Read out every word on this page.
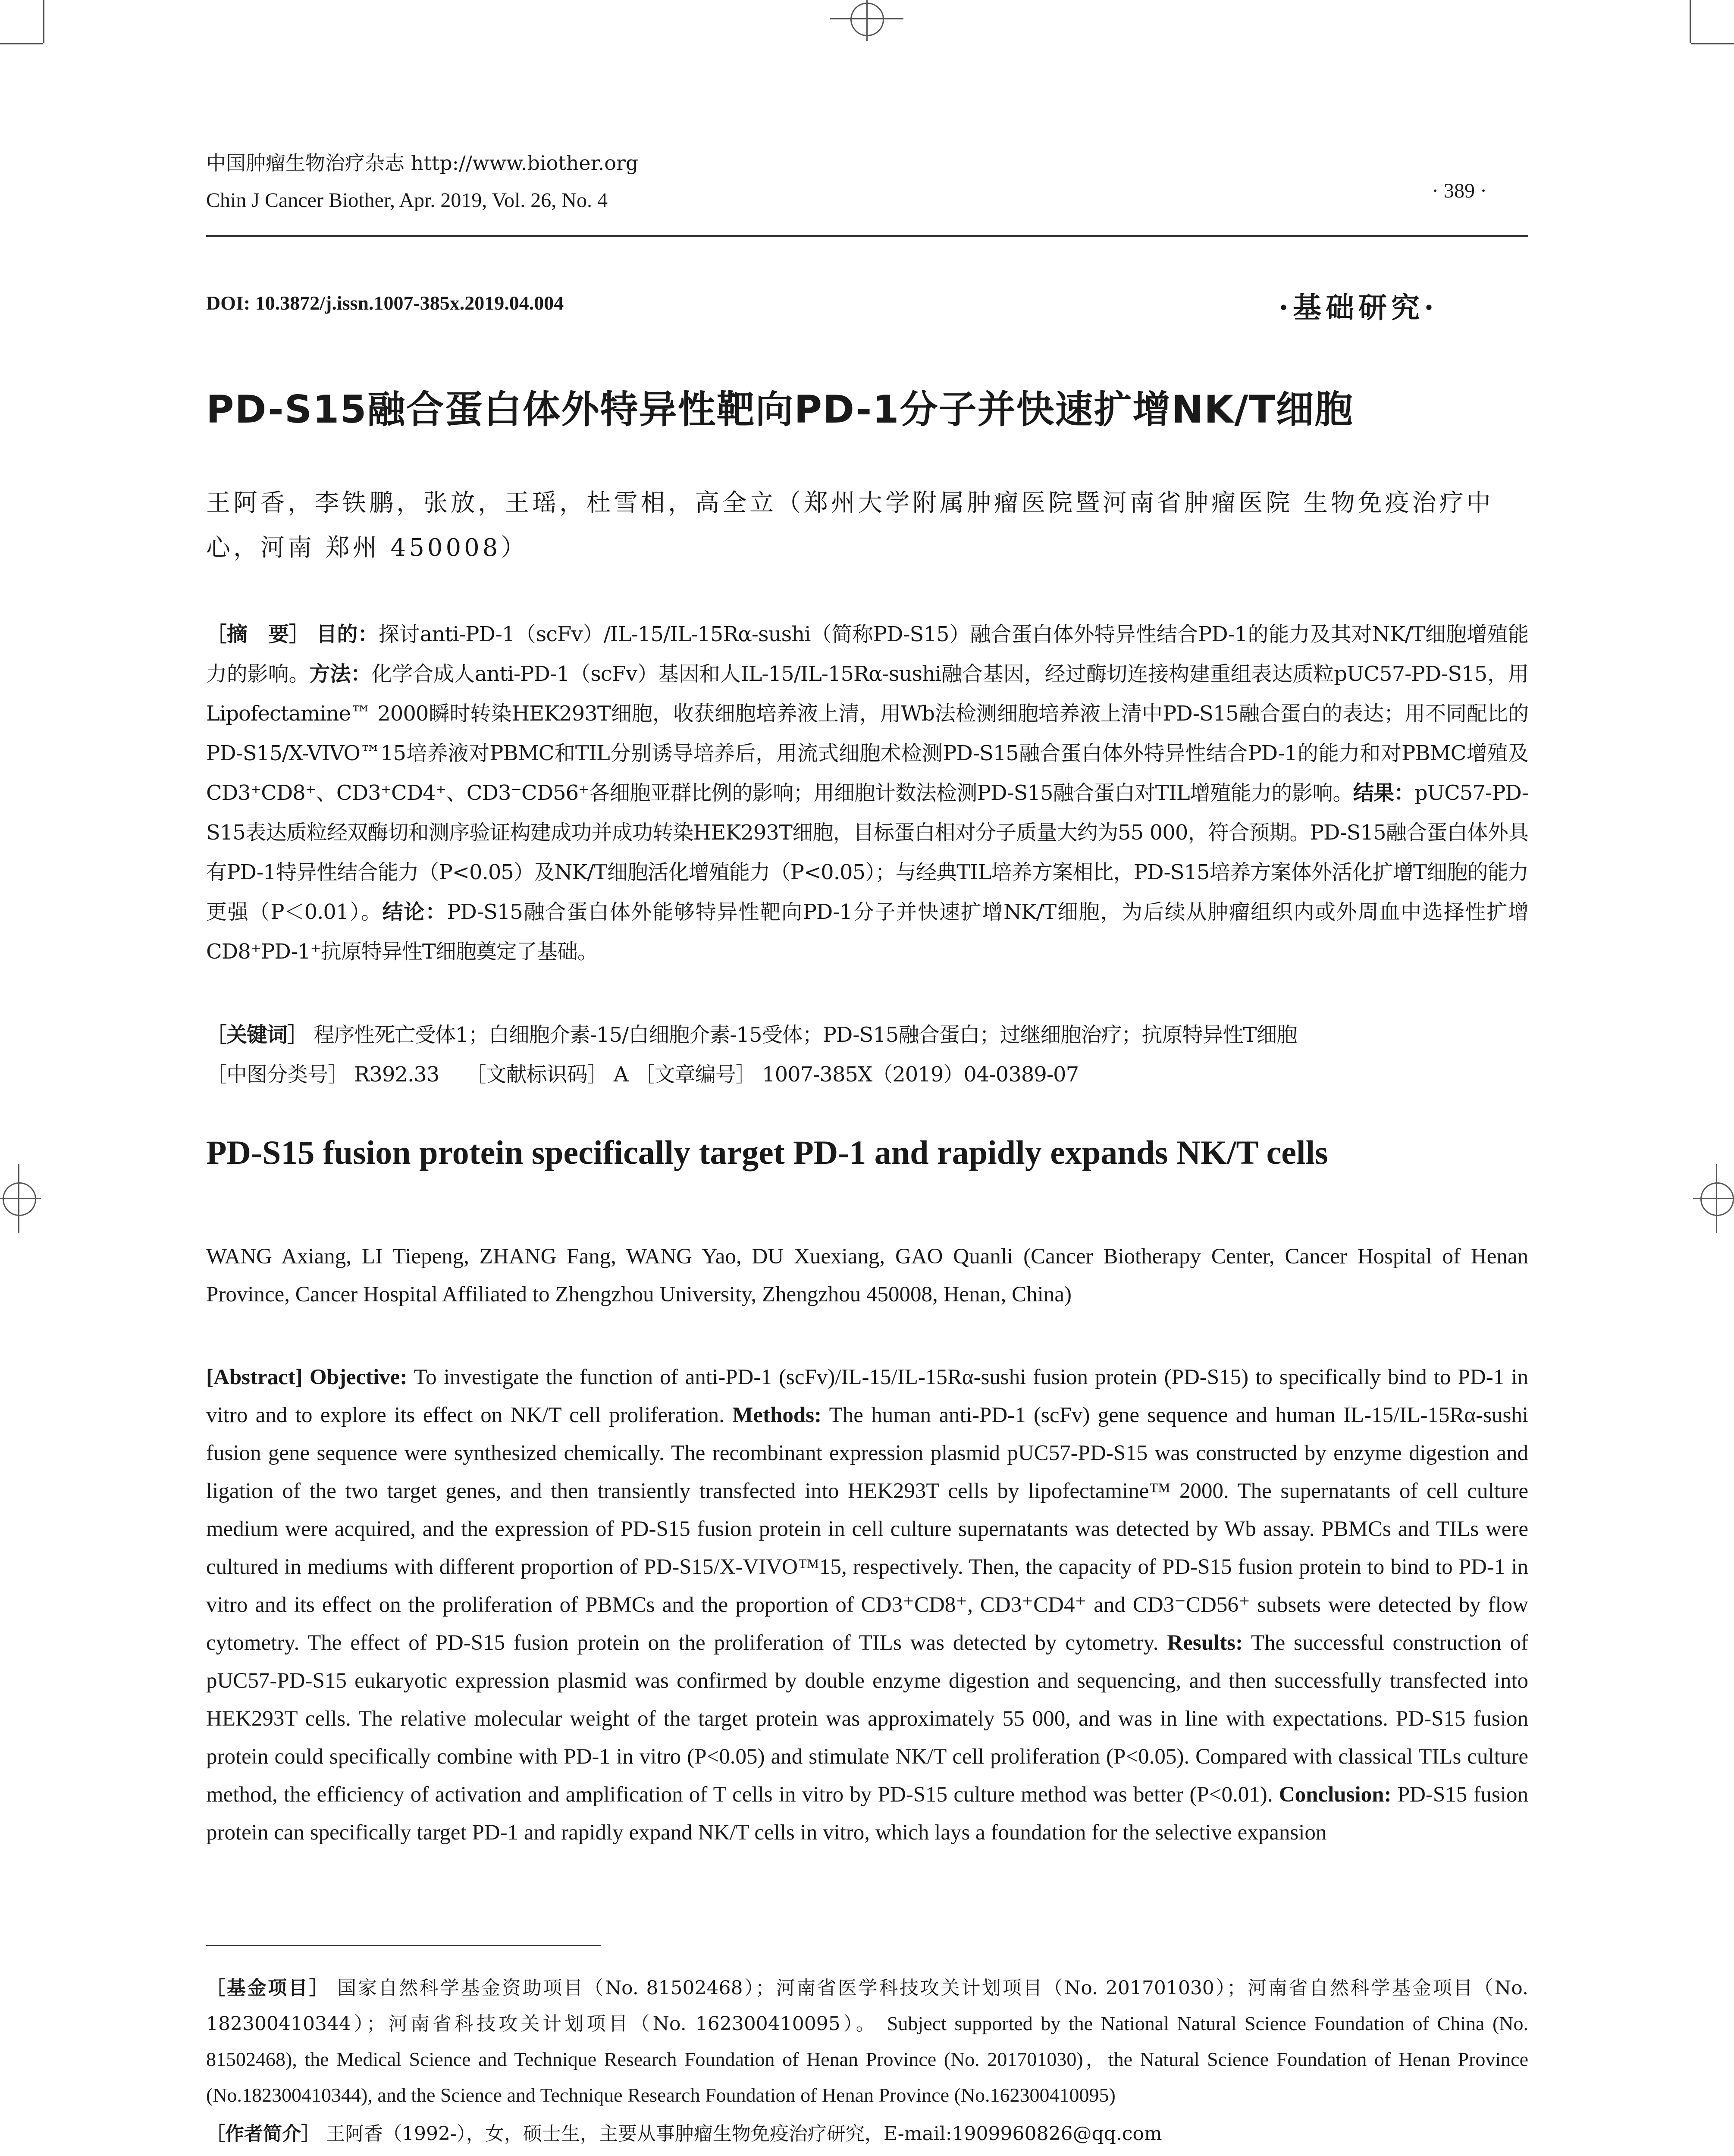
中国肿瘤生物治疗杂志 http://www.biother.org
Chin J Cancer Biother, Apr. 2019, Vol. 26, No. 4	· 389 ·
DOI: 10.3872/j.issn.1007-385x.2019.04.004	·基础研究·
PD-S15融合蛋白体外特异性靶向PD-1分子并快速扩增NK/T细胞
王阿香，李铁鹏，张放，王瑶，杜雪相，高全立（郑州大学附属肿瘤医院暨河南省肿瘤医院 生物免疫治疗中心，河南 郑州 450008）
［摘　要］ 目的：探讨anti-PD-1（scFv）/IL-15/IL-15Rα-sushi（简称PD-S15）融合蛋白体外特异性结合PD-1的能力及其对NK/T细胞增殖能力的影响。方法：化学合成人anti-PD-1（scFv）基因和人IL-15/IL-15Rα-sushi融合基因，经过酶切连接构建重组表达质粒pUC57-PD-S15，用Lipofectamine™ 2000瞬时转染HEK293T细胞，收获细胞培养液上清，用Wb法检测细胞培养液上清中PD-S15融合蛋白的表达；用不同配比的PD-S15/X-VIVO™15培养液对PBMC和TIL分别诱导培养后，用流式细胞术检测PD-S15融合蛋白体外特异性结合PD-1的能力和对PBMC增殖及CD3⁺CD8⁺、CD3⁺CD4⁺、CD3⁻CD56⁺各细胞亚群比例的影响；用细胞计数法检测PD-S15融合蛋白对TIL增殖能力的影响。结果：pUC57-PD-S15表达质粒经双酶切和测序验证构建成功并成功转染HEK293T细胞，目标蛋白相对分子质量大约为55 000，符合预期。PD-S15融合蛋白体外具有PD-1特异性结合能力（P<0.05）及NK/T细胞活化增殖能力（P<0.05）；与经典TIL培养方案相比，PD-S15培养方案体外活化扩增T细胞的能力更强（P＜0.01）。结论：PD-S15融合蛋白体外能够特异性靶向PD-1分子并快速扩增NK/T细胞，为后续从肿瘤组织内或外周血中选择性扩增CD8⁺PD-1⁺抗原特异性T细胞奠定了基础。
［关键词］ 程序性死亡受体1；白细胞介素-15/白细胞介素-15受体；PD-S15融合蛋白；过继细胞治疗；抗原特异性T细胞
［中图分类号］ R392.33　 ［文献标识码］ A ［文章编号］ 1007-385X（2019）04-0389-07
PD-S15 fusion protein specifically target PD-1 and rapidly expands NK/T cells
WANG Axiang, LI Tiepeng, ZHANG Fang, WANG Yao, DU Xuexiang, GAO Quanli (Cancer Biotherapy Center, Cancer Hospital of Henan Province, Cancer Hospital Affiliated to Zhengzhou University, Zhengzhou 450008, Henan, China)
[Abstract] Objective: To investigate the function of anti-PD-1 (scFv)/IL-15/IL-15Rα-sushi fusion protein (PD-S15) to specifically bind to PD-1 in vitro and to explore its effect on NK/T cell proliferation. Methods: The human anti-PD-1 (scFv) gene sequence and human IL-15/IL-15Rα-sushi fusion gene sequence were synthesized chemically. The recombinant expression plasmid pUC57-PD-S15 was constructed by enzyme digestion and ligation of the two target genes, and then transiently transfected into HEK293T cells by lipofectamine™ 2000. The supernatants of cell culture medium were acquired, and the expression of PD-S15 fusion protein in cell culture supernatants was detected by Wb assay. PBMCs and TILs were cultured in mediums with different proportion of PD-S15/X-VIVO™15, respectively. Then, the capacity of PD-S15 fusion protein to bind to PD-1 in vitro and its effect on the proliferation of PBMCs and the proportion of CD3⁺CD8⁺, CD3⁺CD4⁺ and CD3⁻CD56⁺ subsets were detected by flow cytometry. The effect of PD-S15 fusion protein on the proliferation of TILs was detected by cytometry. Results: The successful construction of pUC57-PD-S15 eukaryotic expression plasmid was confirmed by double enzyme digestion and sequencing, and then successfully transfected into HEK293T cells. The relative molecular weight of the target protein was approximately 55 000, and was in line with expectations. PD-S15 fusion protein could specifically combine with PD-1 in vitro (P<0.05) and stimulate NK/T cell proliferation (P<0.05). Compared with classical TILs culture method, the efficiency of activation and amplification of T cells in vitro by PD-S15 culture method was better (P<0.01). Conclusion: PD-S15 fusion protein can specifically target PD-1 and rapidly expand NK/T cells in vitro, which lays a foundation for the selective expansion
［基金项目］ 国家自然科学基金资助项目（No. 81502468）；河南省医学科技攻关计划项目（No. 201701030）；河南省自然科学基金项目（No. 182300410344）；河南省科技攻关计划项目（No. 162300410095）。 Subject supported by the National Natural Science Foundation of China (No. 81502468), the Medical Science and Technique Research Foundation of Henan Province (No. 201701030)，the Natural Science Foundation of Henan Province (No.182300410344), and the Science and Technique Research Foundation of Henan Province (No.162300410095)
［作者简介］ 王阿香（1992-），女，硕士生，主要从事肿瘤生物免疫治疗研究，E-mail:1909960826@qq.com
